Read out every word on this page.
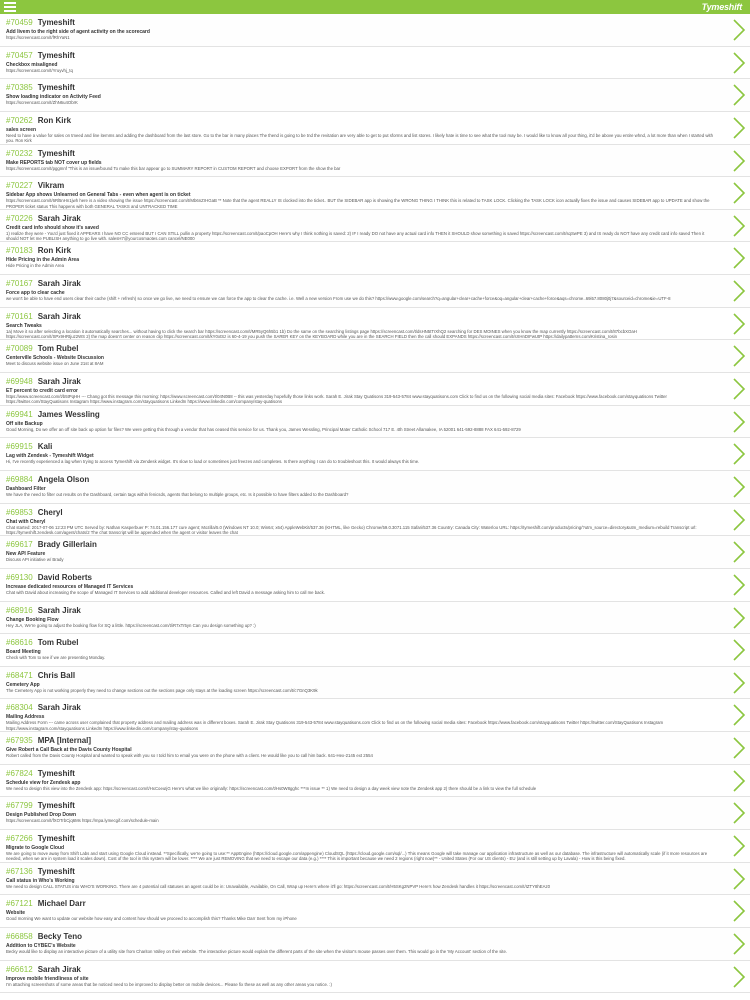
Tymeshift
#70459 Tymeshift
Add livem to the right side of agent activity on the scorecard
https://screencast.com/t/fRhYaN1
#70457 Tymeshift
Checkbox misaligned
https://screencast.com/t/Yruyvhj_tq
#70385 Tymeshift
Show loading indicator on Activity Feed
https://screencast.com/t/ZhN6u4ObrK
#70262 Ron Kirk
sales screen
Need to have a value for sales on tmeed and line itemms and adding the dashboard from the last store. Go to the bar in many places The thend is going to be tnd the revitation are very able to get to put sforms and list stores. I likely hate is time to see what the tool may be. I would like to know all your thing, it'd be above you entire whnd, a lot more than when I started with you. Ron Kirk
#70232 Tymeshift
Make REPORTS tab NOT cover up fields
https://screencast.com/t/pggmnf "This is an issue/bound To make this bar appear go to SUMMARY REPORT in CUSTOM REPORT and choose EXPORT from the show the bar
#70227 Vikram
Sidebar App shows Unlearned on General Tabs - even when agent is on ticket
https://screencast.com/t/6Rl5nHn1jwh here is a video showing the issue https://screencast.com/t/Mb6nZrHGaB ** Note that the agent REALLY IS clocked into the ticket.. BUT the SIDEBAR app is showing the WRONG THING I THINK this is related to TASK LOCK. Clicking the TASK LOCK icon actually fixes the issue and causes SIDEBAR app to UPDATE and show the PROPER ticket status This happens with both GENERAL TASKS and UNTRACKED TIME
#70226 Sarah Jirak
Credit card info should show it's saved
1) realize they were - You'd just fixed it APPEARS I have NO CC entered BUT I CAN STILL pullin a property https://screencast.com/t/paoCpOH Here's why I think nothing is saved: 2) IF I ready DO not have any actual card info THEN it SHOULD show something is saved https://screencast.com/t/sqSwPE 3) and IS ready do NOT have any credit card info saved Then it should NOT let me PUBLISH anything to go live with. salesH7@yourcosmaotes.com cancel/NE000
#70183 Ron Kirk
Hide Pricing in the Admin Area
Hide Pricing in the Admin Area
#70167 Sarah Jirak
Force app to clear cache
we won't be able to have end users clear their cache (shift + refresh) so once we go live, we need to ensure we can force the app to clear the cache. i.e. Well a new version From use we do this? https://www.google.com/search?q=angular+clear+cache+force&oq=angular+clear+cache+force&aqs=chrome..69i57.8080j0j7&sourceid=chrome&ie=UTF-8
#70161 Sarah Jirak
Search Tweaks
1a) Move it so after selecting a location it automatically searches... without having to click the search bar https://screencast.com/t/MR5yQ6h5b1 1b) Do the same on the searching listings page https://screencast.com/t/dsHN5tTrXhQ2 searching for DES MOINES when you know the map currently https://screencast.com/t/87bcbXOaH https://screencast.com/t/SPx9HRtjuz2WS 2) the map doesn't center on reason clip https://screencast.com/t/kY0xtSz is 60-4-19 you push the SARER KEY on the KEYBOARD while you are in the SEARCH FIELD then the call should EXPANDS https://screencast.com/t/sXHnDIFwUtP https://dailypatterns.com/Kristina_rosin
#70089 Tom Rubel
Centerville Schools - Website Discussion
Meet to discuss website issue on June 21st at 8AM
#69948 Sarah Jirak
ET percent to credit card error
https://www.screencast.com/t/b5tPqHH --- Chang got this message this morning: https://www.screencast.com/t/04N0B8 -- this was yesterday hopefully those links work. Sarah E. Jirak Stay Quatisons 319-543-5784 www.stayquatisons.com Click to find us on the following social media sites: Facebook https://www.facebook.com/stayquatisons Twitter https://twitter.com/StayQuatisons Instagram https://www.instagram.com/stayquatisons LinkedIn https://www.linkedin.com/company/stay-quatisons
#69941 James Wessling
Off site Backup
Good Morning, Do we offer an off site back up option for files? We were getting this through a vendor that has ceased this service for us. Thank you, James Wessling, Principal Mater Catholic School 717 E. 4th Street Allamakee, IA 52001 641-592-8888 FAX 641-592-8729
#69915 Kali
Lag with Zendesk - Tymeshift Widget
Hi, I've recently experienced a lag when trying to access Tymeshift via Zendesk widget. It's slow to load or sometimes just freezes and completes. Is there anything I can do to troubleshoot this. It would always this time.
#69884 Angela Olson
Dashboard Filter
We have the need to filter out results on the Dashboard, certain tags within fenicsds, agents that belong to multiple groups, etc. Is it possible to have filters added to the Dashboard?
#69853 Cheryl
Chat with Cheryl
Chat started: 2017-07-06 12:23 PM UTC Served by: Nathan Kasperbuer P: 74.01.156.177 cure agent; Mozilla/5.0 (Windows NT 10.0; Win64; x64) AppleWebKit/537.36 (KHTML, like Gecko) Chrome/59.0.3071.115 Safari/537.36 Country: Canada City: Waterloo URL: https://tymeshift.com/products/pricing/?utm_source=directory&utm_medium=rebuild Transcript url: https://tymeshift.zendesk.com/agent/chats/2 The chat transcript will be appended when the agent or visitor leaves the chat
#69617 Brady Gillerlain
New API Feature
Discuss API initiative w/ Brady
#69130 David Roberts
Increase dedicated resources of Managed IT Services
Chat with David about increasing the scope of Managed IT Services to add additional developer resources. Called and left David a message asking him to call me back.
#68916 Sarah Jirak
Change Booking Flow
Hey JLA, We're going to adjust the booking flow for SQ a little. https://screencast.com/t/iR7xTr5yn Can you design something up? :)
#68616 Tom Rubel
Board Meeting
Check with Tom to see if we are presenting Monday.
#68471 Chris Ball
Cemetery App
The Cemetery App is not working properly they need to change sections out the sections page only stays at the loading screen https://screencast.com/t/c7GnQ3K9k
#68304 Sarah Jirak
Mailing Address
Mailing Address Form --- came across user complained that property address and mailing address was in different boxes. Sarah E. Jirak Stay Quatisons 319-543-5784 www.stayquatisons.com Click to find us on the following social media sites: Facebook https://www.facebook.com/stayquatisons Twitter https://twitter.com/StayQuatisons Instagram https://www.instagram.com/stayquatisons LinkedIn https://www.linkedin.com/company/stay-quatisons
#67935 MPA [Internal]
Give Robert a Call Back at the Davis County Hospital
Robert called from the Davis County Hospital and wanted to speak with you so I told him to email you were on the phone with a client. He would like you to call him back. 641-Hex-2145 ext 2554
#67824 Tymeshift
Schedule view for Zendesk app
We need to design this view into the Zendesk app: https://screencast.com/t/HxCoeuIjG Here's what we like originally: https://screencast.com/t/Hs0W8gghc ***In issue ** 1) We need to design a day week view note the Zendesk app 2) there should be a link to view the full schedule
#67799 Tymeshift
Design Published Drop Down
https://screencast.com/t/fXOTrbCjq6Ms https://mpa.lymecgif.com/schedule-main
#67266 Tymeshift
Migrate to Google Cloud
We are going to move away from Shift Labs and start using Google Cloud instead. **Specifically, we're going to use:** AppEngine (https://cloud.google.com/appengine) CloudSQL (https://cloud.google.com/sql/...) This means Google will take manage our application infrastructure as well as our database. The infrastructure will automatically scale (if it more resources are needed, when we are in system load it scales down). Cost of the tool in this system will be lower. **** We are just REMOVING that we need to escape our data (e.g.) **** This is important because we need 2 regions (right now)** - United States (For our US clients) - EU (and is still setting up by Lavala) - How is this being fixed.
#67136 Tymeshift
Call status in Who's Working
We need to design CALL STATUS into WHO'S WORKING. There are 4 potential call statuses an agent could be in: Unavailable, Available, On Call, Wrap up Here's where it'll go: https://screencast.com/t/H5SKg2NPVP Here's how Zendesk handles it https://screencast.com/t/IZTY8hEAz0
#67121 Michael Darr
Website
Good morning We want to update our website how easy and content how should we proceed to accomplish this? Thanks Mike Darr Sent from my iPhone
#66858 Becky Teno
Addition to CYBEC's Website
Becky would like to display an interactive picture of a utility site from Chariton Valley on their website. The interactive picture would explain the different parts of the site when the visitor's mouse passes over them. This would go in the 'My Account' section of the site.
#66612 Sarah Jirak
Improve mobile friendliness of site
I'm attaching screenshots of some areas that be noticed need to be improved to display better on mobile devices... Please fix these as well as any other areas you notice. :)
